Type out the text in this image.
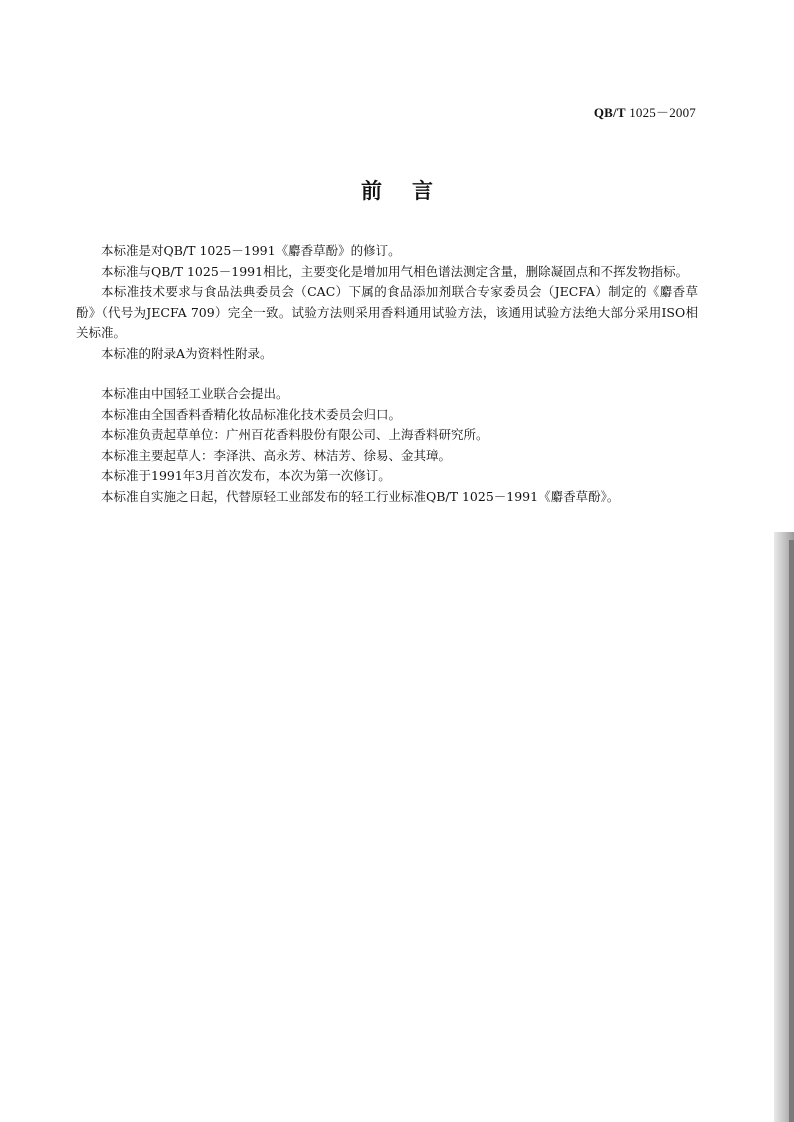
QB/T 1025－2007
前言

本标准是对QB/T 1025－1991《麝香草酚》的修订。

本标准与QB/T 1025－1991相比，主要变化是增加用气相色谱法测定含量，删除凝固点和不挥发物指标。

本标准技术要求与食品法典委员会（CAC）下属的食品添加剂联合专家委员会（JECFA）制定的《麝香草酚》（代号为JECFA 709）完全一致。试验方法则采用香料通用试验方法，该通用试验方法绝大部分采用ISO相关标准。

本标准的附录A为资料性附录。

本标准由中国轻工业联合会提出。

本标准由全国香料香精化妆品标准化技术委员会归口。

本标准负责起草单位：广州百花香料股份有限公司、上海香料研究所。

本标准主要起草人：李泽洪、高永芳、林洁芳、徐易、金其璋。

本标准于1991年3月首次发布，本次为第一次修订。

本标准自实施之日起，代替原轻工业部发布的轻工行业标准QB/T 1025－1991《麝香草酚》。
